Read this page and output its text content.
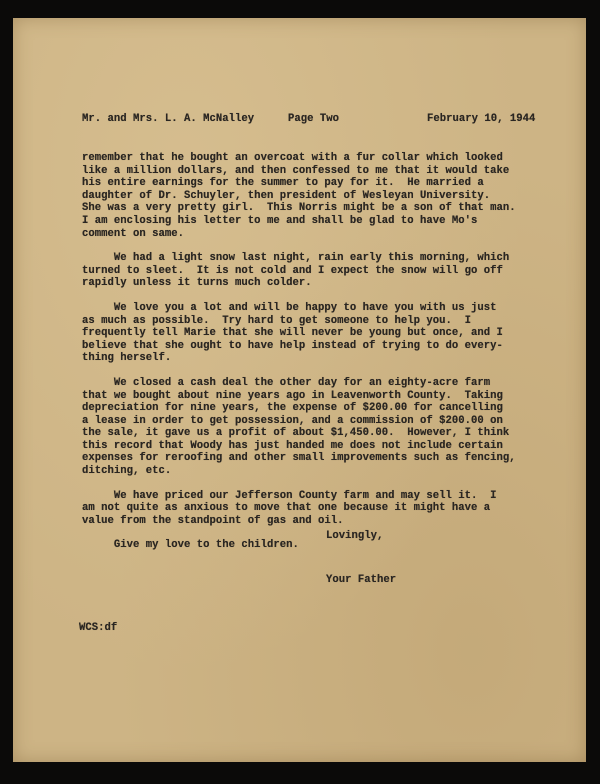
Mr. and Mrs. L. A. McNalley	Page Two	February 10, 1944
remember that he bought an overcoat with a fur collar which looked
like a million dollars, and then confessed to me that it would take
his entire earnings for the summer to pay for it.  He married a
daughter of Dr. Schuyler, then president of Wesleyan University.
She was a very pretty girl.  This Norris might be a son of that man.
I am enclosing his letter to me and shall be glad to have Mo's
comment on same.
We had a light snow last night, rain early this morning, which
turned to sleet.  It is not cold and I expect the snow will go off
rapidly unless it turns much colder.
We love you a lot and will be happy to have you with us just
as much as possible.  Try hard to get someone to help you.  I
frequently tell Marie that she will never be young but once, and I
believe that she ought to have help instead of trying to do every-
thing herself.
We closed a cash deal the other day for an eighty-acre farm
that we bought about nine years ago in Leavenworth County.  Taking
depreciation for nine years, the expense of $200.00 for cancelling
a lease in order to get possession, and a commission of $200.00 on
the sale, it gave us a profit of about $1,450.00.  However, I think
this record that Woody has just handed me does not include certain
expenses for reroofing and other small improvements such as fencing,
ditching, etc.
We have priced our Jefferson County farm and may sell it.  I
am not quite as anxious to move that one because it might have a
value from the standpoint of gas and oil.
Give my love to the children.
Lovingly,
Your Father
WCS:df
